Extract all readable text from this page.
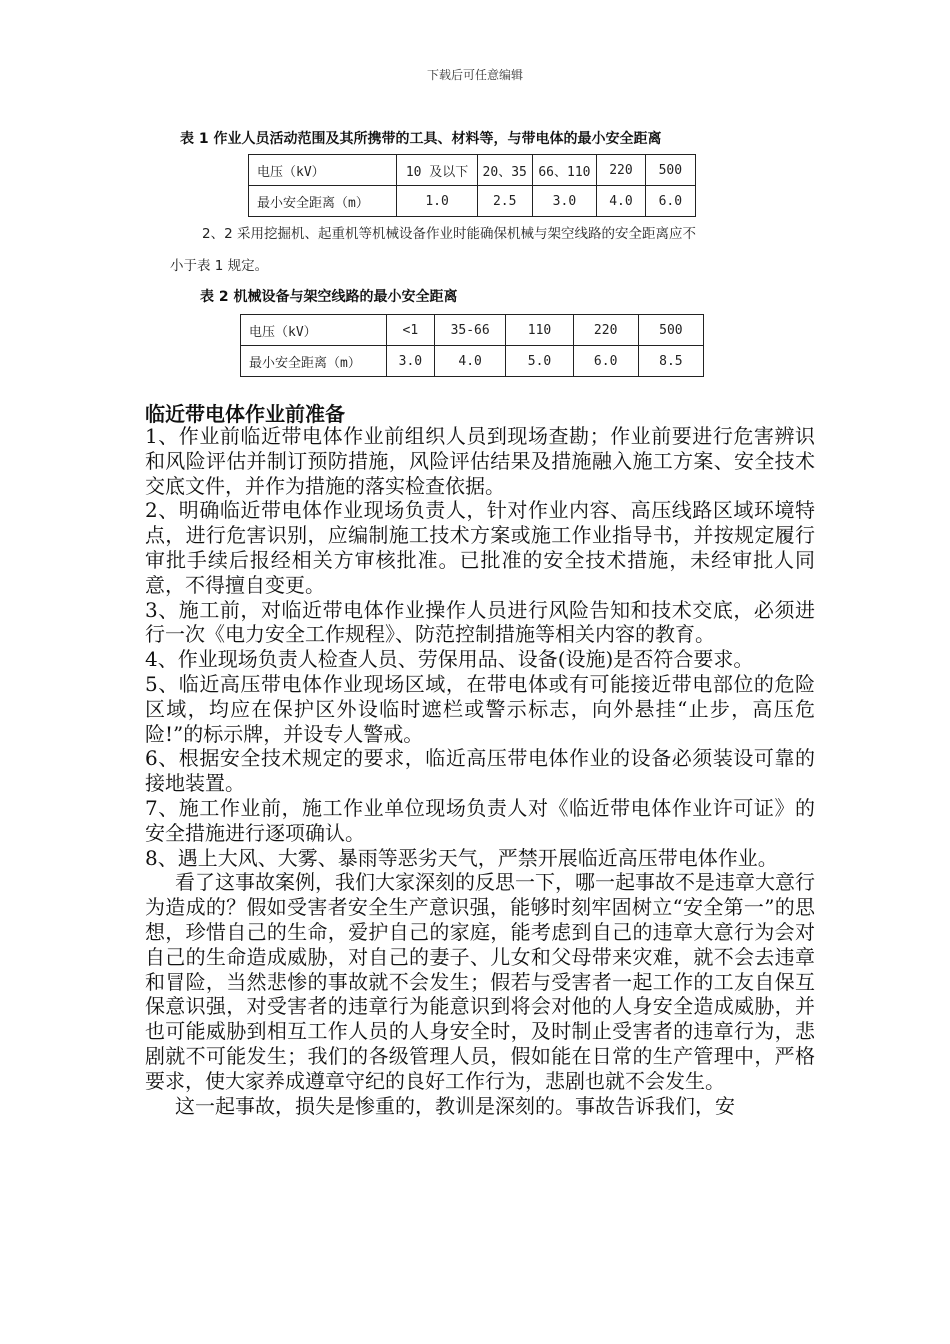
下载后可任意编辑
表 1 作业人员活动范围及其所携带的工具、材料等，与带电体的最小安全距离
电压（kV）	10 及以下	20、35	66、110	220	500
最小安全距离（m）	1.0	2.5	3.0	4.0	6.0
2、2 采用挖掘机、起重机等机械设备作业时能确保机械与架空线路的安全距离应不
小于表 1 规定。
表 2 机械设备与架空线路的最小安全距离
电压（kV）	<1	35-66	110	220	500
最小安全距离（m）	3.0	4.0	5.0	6.0	8.5
临近带电体作业前准备

1、作业前临近带电体作业前组织人员到现场查勘；作业前要进行危害辨识和风险评估并制订预防措施，风险评估结果及措施融入施工方案、安全技术交底文件，并作为措施的落实检查依据。

2、明确临近带电体作业现场负责人，针对作业内容、高压线路区域环境特点，进行危害识别，应编制施工技术方案或施工作业指导书，并按规定履行审批手续后报经相关方审核批准。已批准的安全技术措施，未经审批人同意，不得擅自变更。

3、施工前，对临近带电体作业操作人员进行风险告知和技术交底，必须进行一次《电力安全工作规程》、防范控制措施等相关内容的教育。

4、作业现场负责人检查人员、劳保用品、设备(设施)是否符合要求。

5、临近高压带电体作业现场区域，在带电体或有可能接近带电部位的危险区域，均应在保护区外设临时遮栏或警示标志，向外悬挂“止步，高压危险!”的标示牌，并设专人警戒。

6、根据安全技术规定的要求，临近高压带电体作业的设备必须装设可靠的接地装置。

7、施工作业前，施工作业单位现场负责人对《临近带电体作业许可证》的安全措施进行逐项确认。

8、遇上大风、大雾、暴雨等恶劣天气，严禁开展临近高压带电体作业。

看了这事故案例，我们大家深刻的反思一下，哪一起事故不是违章大意行为造成的？假如受害者安全生产意识强，能够时刻牢固树立“安全第一”的思想，珍惜自己的生命，爱护自己的家庭，能考虑到自己的违章大意行为会对自己的生命造成威胁，对自己的妻子、儿女和父母带来灾难，就不会去违章和冒险，当然悲惨的事故就不会发生；假若与受害者一起工作的工友自保互保意识强，对受害者的违章行为能意识到将会对他的人身安全造成威胁，并也可能威胁到相互工作人员的人身安全时，及时制止受害者的违章行为，悲剧就不可能发生；我们的各级管理人员，假如能在日常的生产管理中，严格要求，使大家养成遵章守纪的良好工作行为，悲剧也就不会发生。

这一起事故，损失是惨重的，教训是深刻的。事故告诉我们，安
